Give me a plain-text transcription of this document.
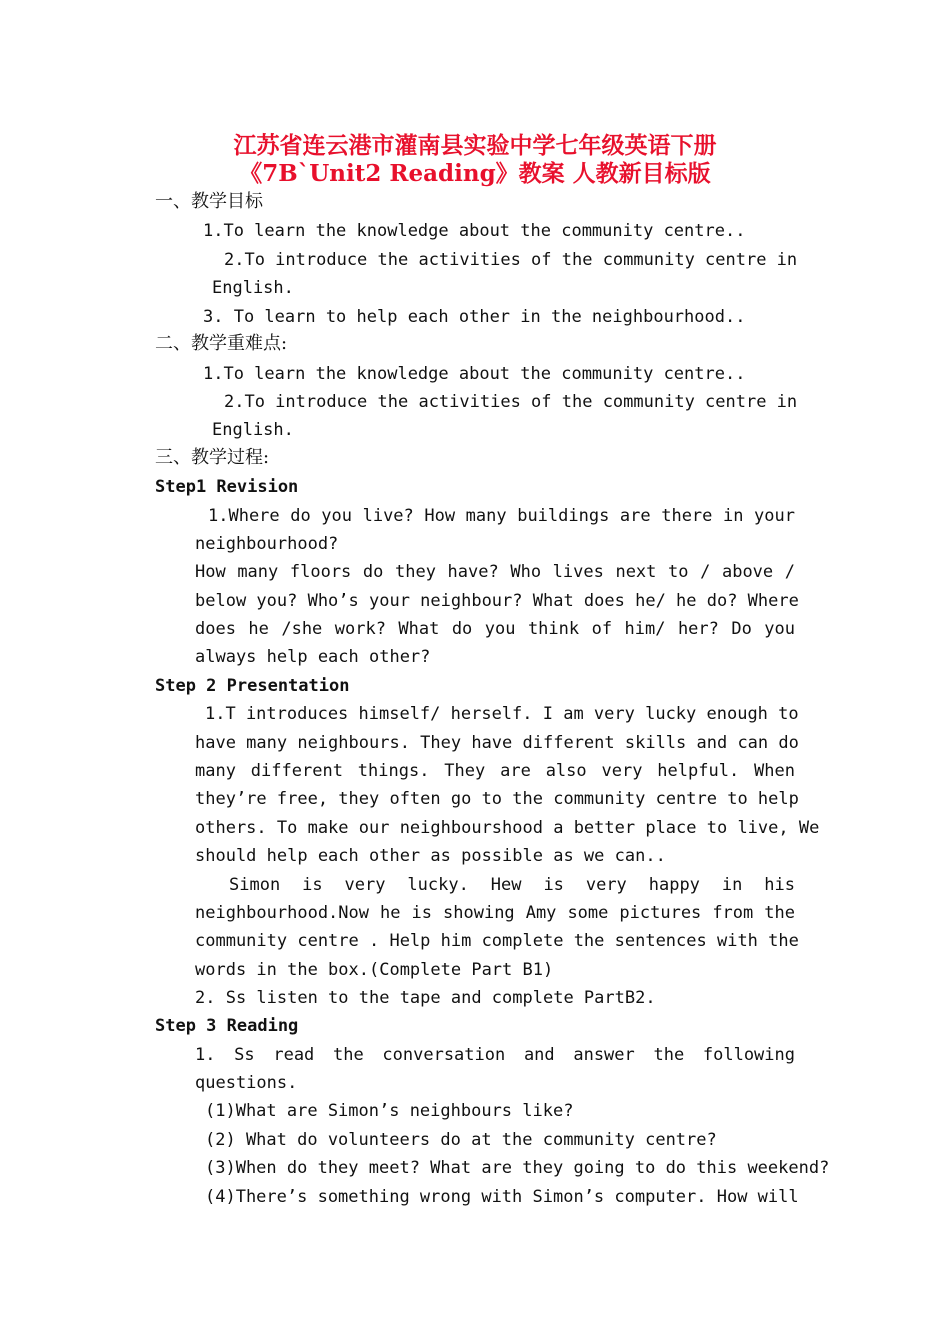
江苏省连云港市灌南县实验中学七年级英语下册
《7B`Unit2 Reading》教案 人教新目标版
一、教学目标
1.To learn the knowledge about the community centre..
2.To introduce the activities of the community centre in
English.
3. To learn to help each other in the neighbourhood..
二、教学重难点:
1.To learn the knowledge about the community centre..
2.To introduce the activities of the community centre in
English.
三、教学过程:
Step1 Revision
1.Where do you live? How many buildings are there in your
neighbourhood?
How many floors do they have? Who lives next to / above /
below you? Who’s your neighbour? What does he/ he do? Where
does he /she work? What do you think of him/ her? Do you
always help each other?
Step 2 Presentation
1.T introduces himself/ herself. I am very lucky enough to
have many neighbours. They have different skills and can do
many different things. They are also very helpful. When
they’re free, they often go to the community centre to help
others. To make our neighbourshood a better place to live, We
should help each other as possible as we can..
Simon is very lucky. Hew is very happy in his
neighbourhood.Now he is showing Amy some pictures from the
community centre . Help him complete the sentences with the
words in the box.(Complete Part B1)
2. Ss listen to the tape and complete PartB2.
Step 3 Reading
1. Ss read the conversation and answer the following
questions.
(1)What are Simon’s neighbours like?
(2) What do volunteers do at the community centre?
(3)When do they meet? What are they going to do this weekend?
(4)There’s something wrong with Simon’s computer. How will
